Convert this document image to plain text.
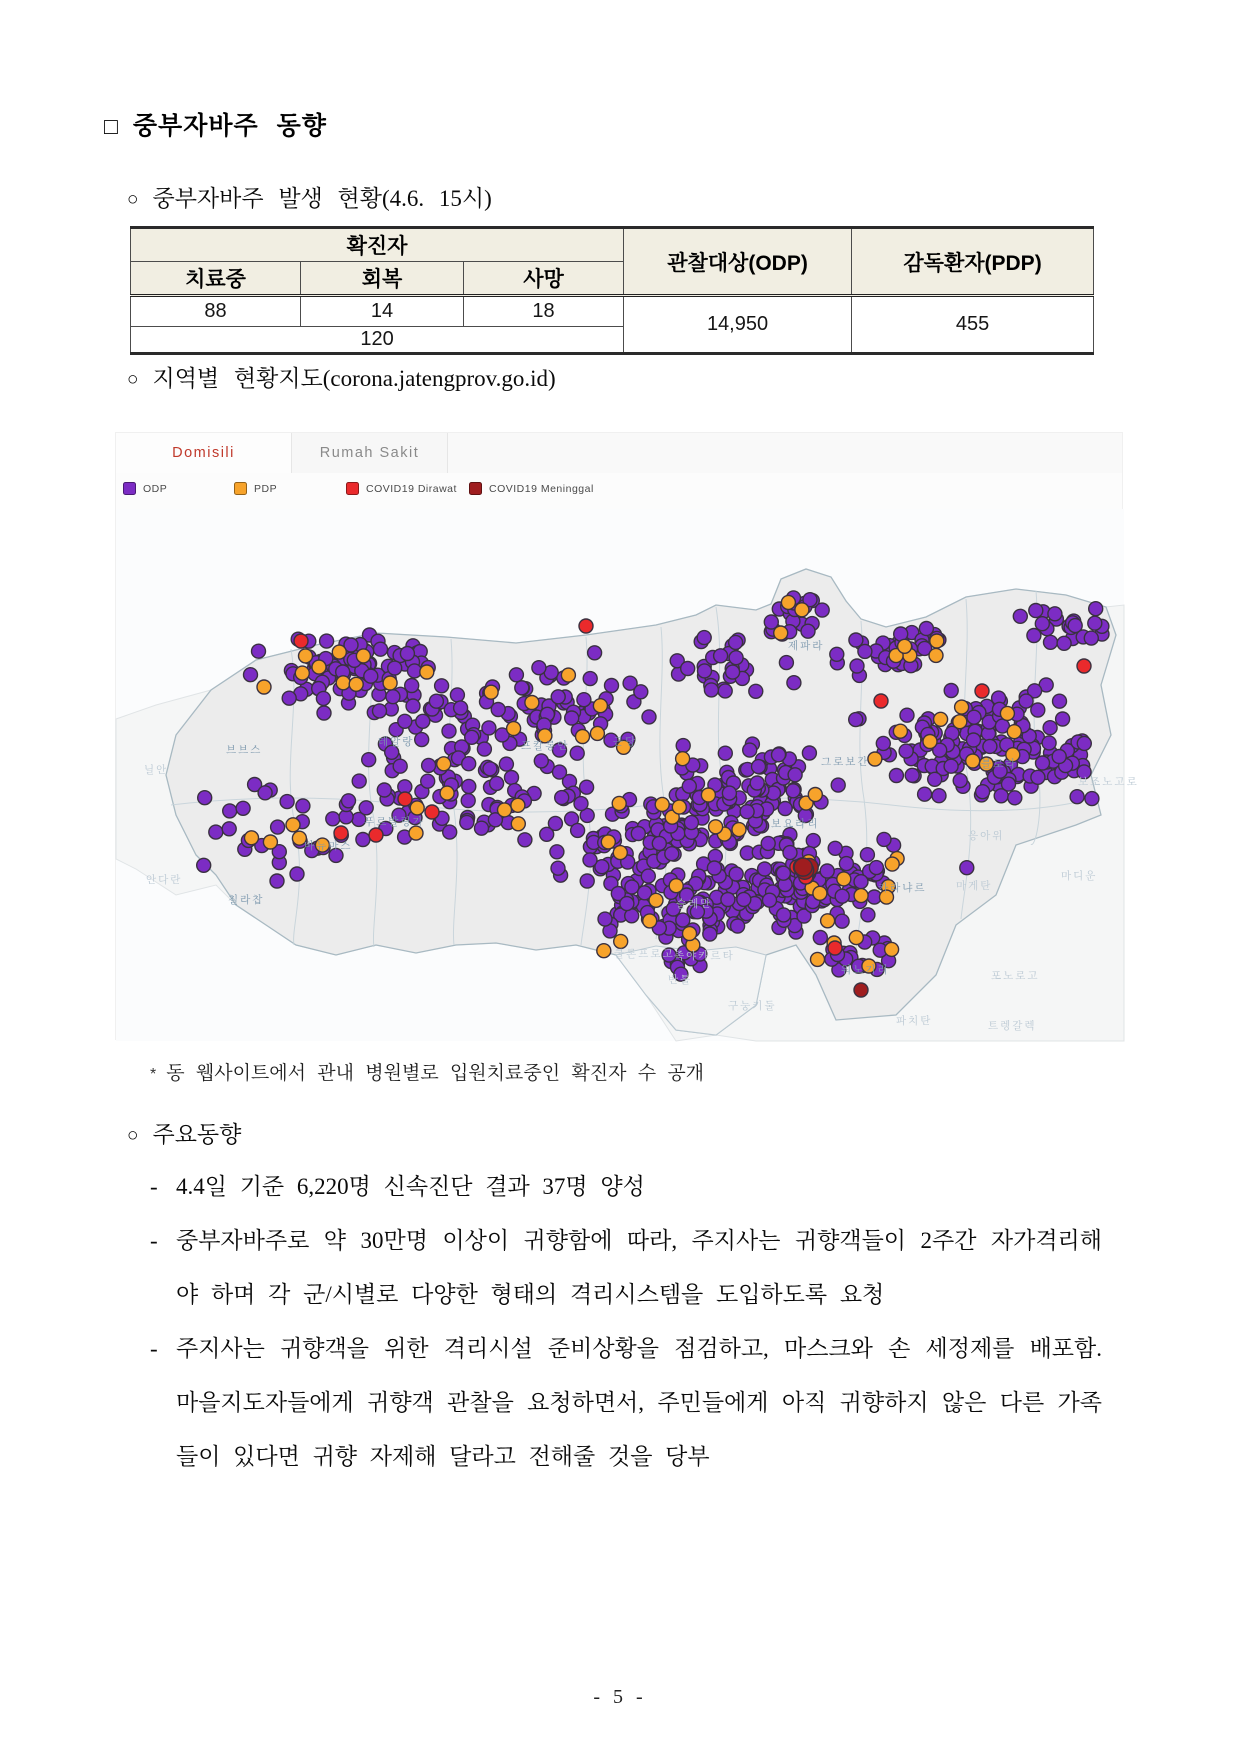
□ 중부자바주 동향
○ 중부자바주 발생 현황(4.6. 15시)
확진자			관찰대상(ODP)	감독환자(PDP)
치료중	회복	사망		
88	14	18	14,950	455
120				
○ 지역별 현황지도(corona.jatengprov.go.id)
Domisili	Rumah Sakit
ODP	PDP	COVID19 Dirawat	COVID19 Meninggal
닐안
브브스
테알랑	프칼롱안	근당
푸르발링가
바뉴마스
칠라찹
안다란
제파라
그로보간	블로라
보조노고로
보요라리
응아위
마게탄
마디운
카라냐르
슬레만
쿨론프로고 족야카르타
반툴
구눙키둘
워노기리	포노로고
파치탄	트렝갈렉
* 동 웹사이트에서 관내 병원별로 입원치료중인 확진자 수 공개
○ 주요동향
- 4.4일 기준 6,220명 신속진단 결과 37명 양성
- 중부자바주로 약 30만명 이상이 귀향함에 따라, 주지사는 귀향객들이 2주간 자가격리해야 하며 각 군/시별로 다양한 형태의 격리시스템을 도입하도록 요청
- 주지사는 귀향객을 위한 격리시설 준비상황을 점검하고, 마스크와 손 세정제를 배포함. 마을지도자들에게 귀향객 관찰을 요청하면서, 주민들에게 아직 귀향하지 않은 다른 가족들이 있다면 귀향 자제해 달라고 전해줄 것을 당부
- 5 -
